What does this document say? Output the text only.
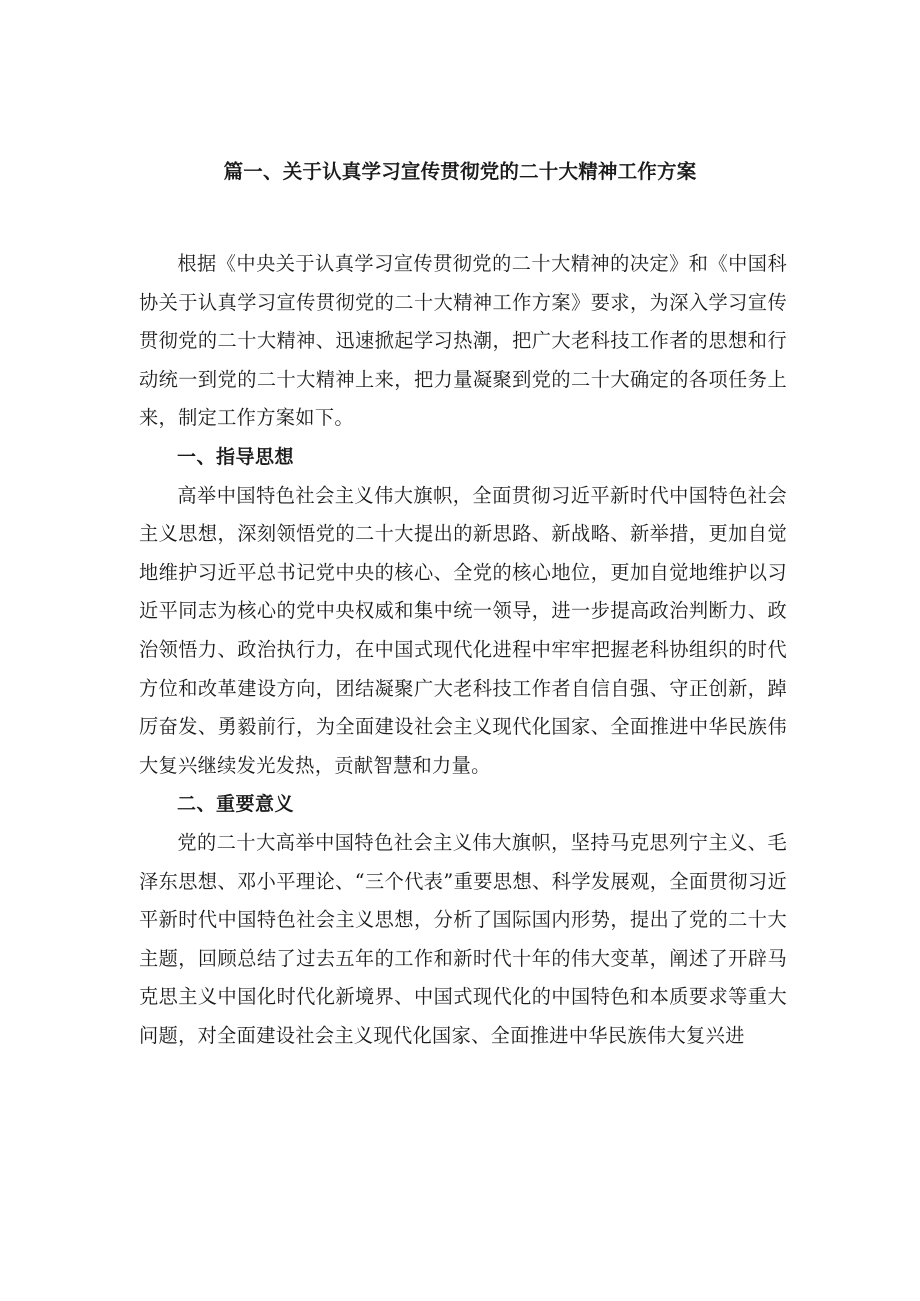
篇一、关于认真学习宣传贯彻党的二十大精神工作方案

根据《中央关于认真学习宣传贯彻党的二十大精神的决定》和《中国科协关于认真学习宣传贯彻党的二十大精神工作方案》要求，为深入学习宣传贯彻党的二十大精神、迅速掀起学习热潮，把广大老科技工作者的思想和行动统一到党的二十大精神上来，把力量凝聚到党的二十大确定的各项任务上来，制定工作方案如下。

一、指导思想

高举中国特色社会主义伟大旗帜，全面贯彻习近平新时代中国特色社会主义思想，深刻领悟党的二十大提出的新思路、新战略、新举措，更加自觉地维护习近平总书记党中央的核心、全党的核心地位，更加自觉地维护以习近平同志为核心的党中央权威和集中统一领导，进一步提高政治判断力、政治领悟力、政治执行力，在中国式现代化进程中牢牢把握老科协组织的时代方位和改革建设方向，团结凝聚广大老科技工作者自信自强、守正创新，踔厉奋发、勇毅前行，为全面建设社会主义现代化国家、全面推进中华民族伟大复兴继续发光发热，贡献智慧和力量。

二、重要意义

党的二十大高举中国特色社会主义伟大旗帜，坚持马克思列宁主义、毛泽东思想、邓小平理论、“三个代表”重要思想、科学发展观，全面贯彻习近平新时代中国特色社会主义思想，分析了国际国内形势，提出了党的二十大主题，回顾总结了过去五年的工作和新时代十年的伟大变革，阐述了开辟马克思主义中国化时代化新境界、中国式现代化的中国特色和本质要求等重大问题，对全面建设社会主义现代化国家、全面推进中华民族伟大复兴进
